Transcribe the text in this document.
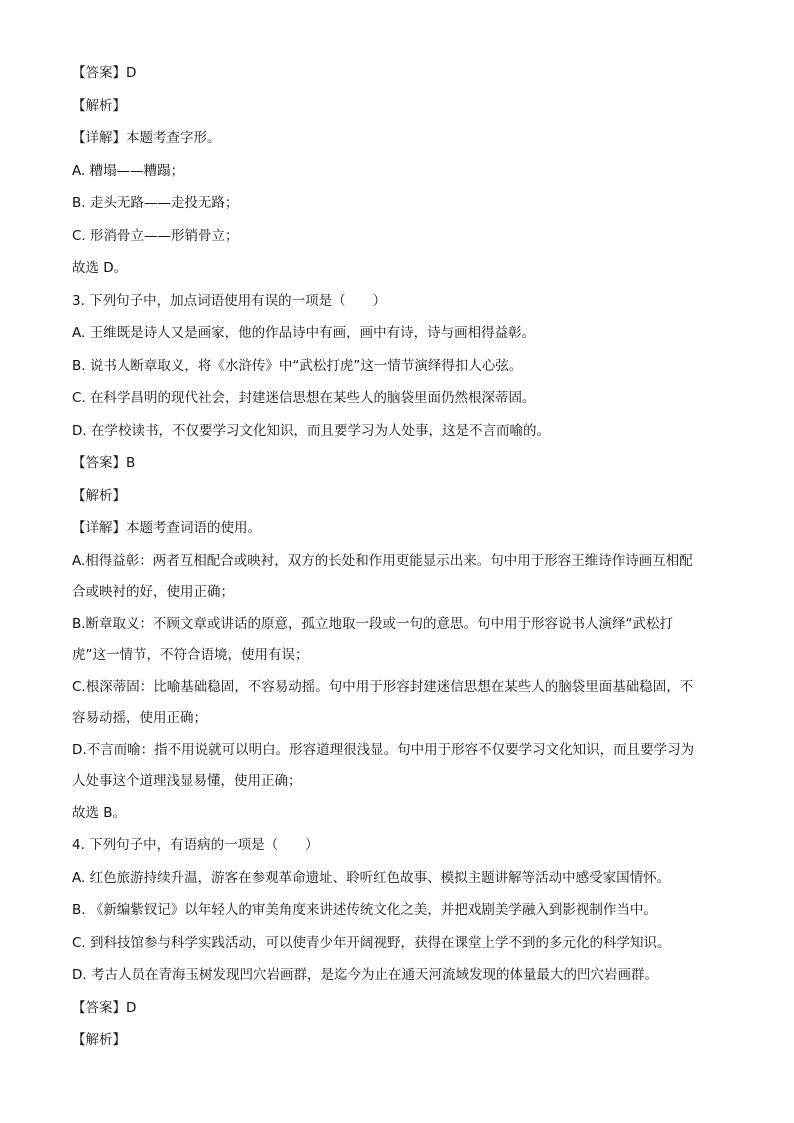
【答案】D

【解析】

【详解】本题考查字形。

A. 糟塌——糟蹋；

B. 走头无路——走投无路；

C. 形消骨立——形销骨立；

故选 D。

3. 下列句子中，加点词语使用有误的一项是（　　）

A. 王维既是诗人又是画家，他的作品诗中有画，画中有诗，诗与画相得益彰。

B. 说书人断章取义，将《水浒传》中“武松打虎”这一情节演绎得扣人心弦。

C. 在科学昌明的现代社会，封建迷信思想在某些人的脑袋里面仍然根深蒂固。

D. 在学校读书，不仅要学习文化知识，而且要学习为人处事，这是不言而喻的。

【答案】B

【解析】

【详解】本题考查词语的使用。

A.相得益彰：两者互相配合或映衬，双方的长处和作用更能显示出来。句中用于形容王维诗作诗画互相配

合或映衬的好，使用正确；

B.断章取义：不顾文章或讲话的原意，孤立地取一段或一句的意思。句中用于形容说书人演绎“武松打

虎”这一情节，不符合语境，使用有误；

C.根深蒂固：比喻基础稳固，不容易动摇。句中用于形容封建迷信思想在某些人的脑袋里面基础稳固，不

容易动摇，使用正确；

D.不言而喻：指不用说就可以明白。形容道理很浅显。句中用于形容不仅要学习文化知识，而且要学习为

人处事这个道理浅显易懂，使用正确；

故选 B。

4. 下列句子中，有语病的一项是（　　）

A. 红色旅游持续升温，游客在参观革命遗址、聆听红色故事、模拟主题讲解等活动中感受家国情怀。

B. 《新编紫钗记》以年轻人的审美角度来讲述传统文化之美，并把戏剧美学融入到影视制作当中。

C. 到科技馆参与科学实践活动，可以使青少年开阔视野，获得在课堂上学不到的多元化的科学知识。

D. 考古人员在青海玉树发现凹穴岩画群，是迄今为止在通天河流域发现的体量最大的凹穴岩画群。

【答案】D

【解析】
